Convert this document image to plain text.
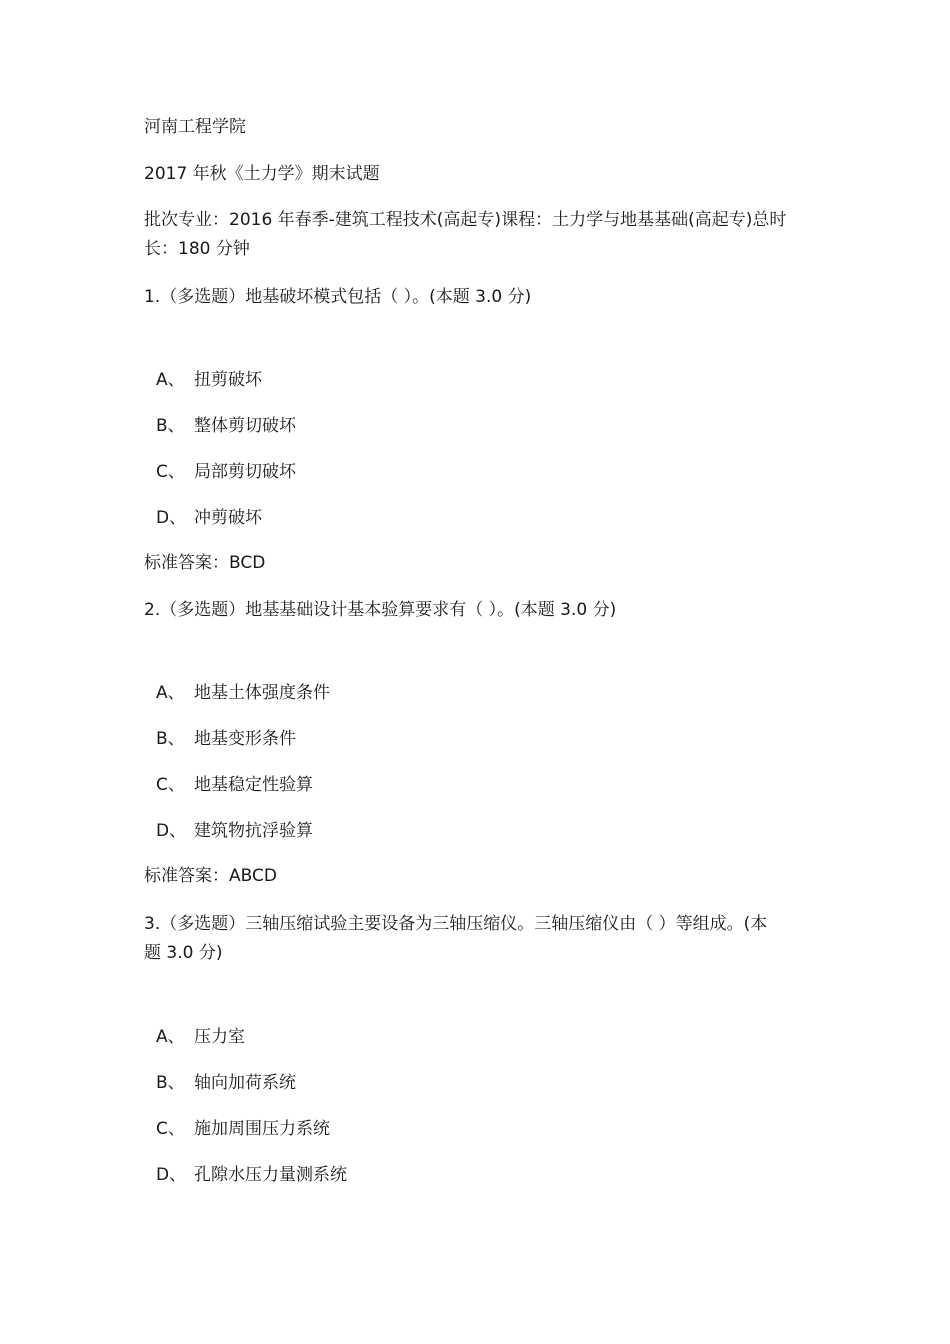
河南工程学院
2017 年秋《土力学》期末试题
批次专业：2016 年春季-建筑工程技术(高起专)课程：土力学与地基基础(高起专)总时
长：180 分钟
1.（多选题）地基破坏模式包括（ ）。(本题 3.0 分)
A、 扭剪破坏
B、 整体剪切破坏
C、 局部剪切破坏
D、 冲剪破坏
标准答案：BCD
2.（多选题）地基基础设计基本验算要求有（ ）。(本题 3.0 分)
A、 地基土体强度条件
B、 地基变形条件
C、 地基稳定性验算
D、 建筑物抗浮验算
标准答案：ABCD
3.（多选题）三轴压缩试验主要设备为三轴压缩仪。三轴压缩仪由（ ）等组成。(本
题 3.0 分)
A、 压力室
B、 轴向加荷系统
C、 施加周围压力系统
D、 孔隙水压力量测系统
